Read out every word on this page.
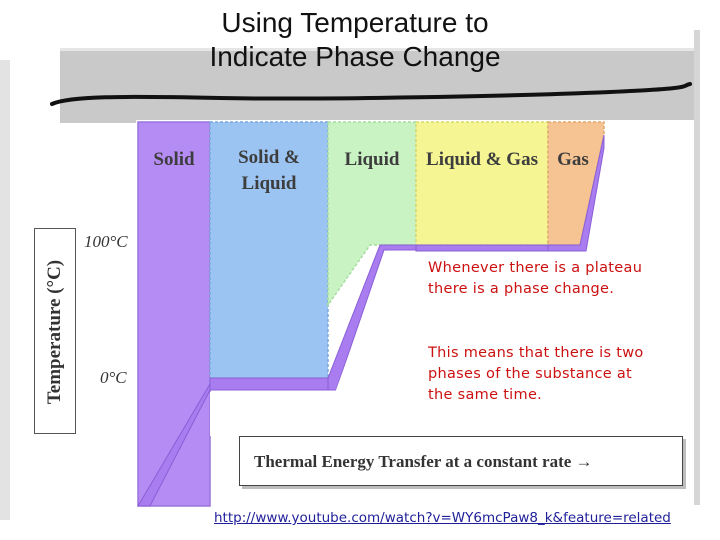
Using Temperature to
Indicate Phase Change
Solid	Solid &
Liquid
Liquid	Liquid & Gas	Gas
Temperature (°C)
100°C
0°C
Whenever there is a plateau there is a phase change.
This means that there is two phases of the substance at the same time.
Thermal Energy Transfer at a constant rate →
http://www.youtube.com/watch?v=WY6mcPaw8_k&feature=related
